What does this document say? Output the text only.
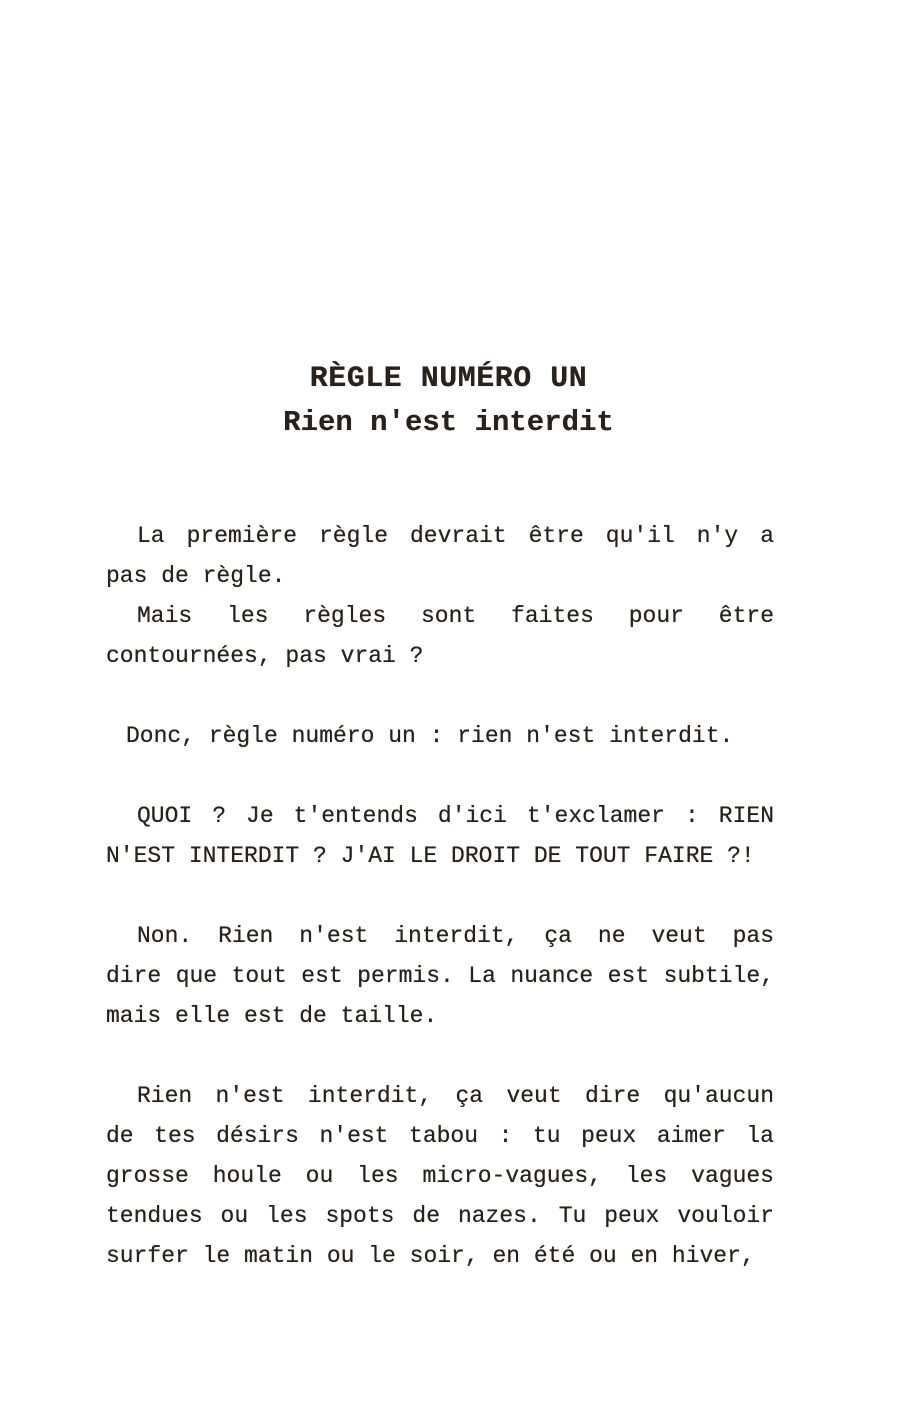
RÈGLE NUMÉRO UN
Rien n'est interdit
La première règle devrait être qu'il n'y a
pas de règle.
Mais les règles sont faites pour être
contournées, pas vrai ?
Donc, règle numéro un : rien n'est interdit.
QUOI ? Je t'entends d'ici t'exclamer : RIEN
N'EST INTERDIT ? J'AI LE DROIT DE TOUT FAIRE ?!
Non. Rien n'est interdit, ça ne veut pas
dire que tout est permis. La nuance est subtile,
mais elle est de taille.
Rien n'est interdit, ça veut dire qu'aucun
de tes désirs n'est tabou : tu peux aimer la
grosse houle ou les micro-vagues, les vagues
tendues ou les spots de nazes. Tu peux vouloir
surfer le matin ou le soir, en été ou en hiver,
